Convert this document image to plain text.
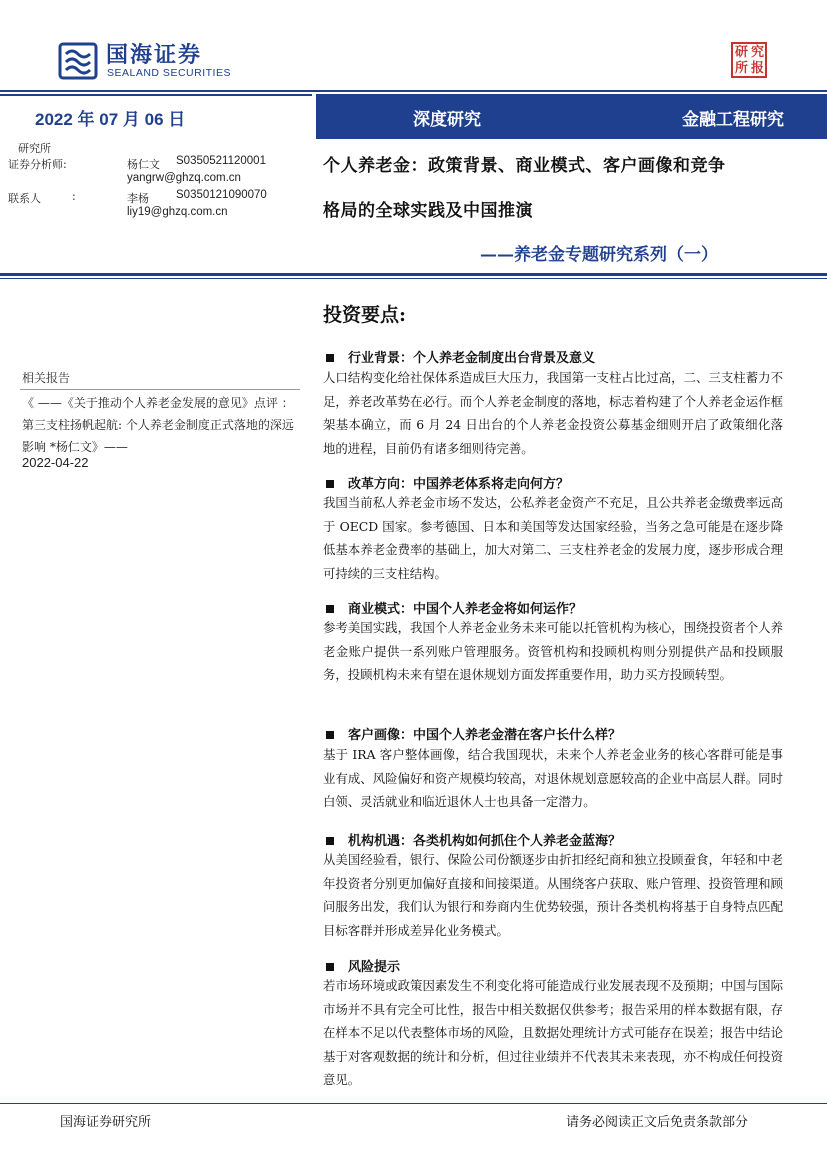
国海证券
SEALAND SECURITIES
研 究
所 报
2022 年 07 月 06 日	深度研究	金融工程研究
研究所
证券分析师:	杨仁文 S0350521120001
yangrw@ghzq.com.cn
联系人	:	李杨 S0350121090070
liy19@ghzq.com.cn
个人养老金：政策背景、商业模式、客户画像和竞争
格局的全球实践及中国推演
——养老金专题研究系列（一）
相关报告
《 ——《关于推动个人养老金发展的意见》点评 ： 第三支柱扬帆起航: 个人养老金制度正式落地的深远影响 *杨仁文》——
2022-04-22
投资要点:
行业背景：个人养老金制度出台背景及意义
人口结构变化给社保体系造成巨大压力，我国第一支柱占比过高，二、三支柱蓄力不足，养老改革势在必行。而个人养老金制度的落地，标志着构建了个人养老金运作框架基本确立，而 6 月 24 日出台的个人养老金投资公募基金细则开启了政策细化落地的进程，目前仍有诸多细则待完善。
改革方向：中国养老体系将走向何方？
我国当前私人养老金市场不发达，公私养老金资产不充足，且公共养老金缴费率远高于 OECD 国家。参考德国、日本和美国等发达国家经验，当务之急可能是在逐步降低基本养老金费率的基础上，加大对第二、三支柱养老金的发展力度，逐步形成合理可持续的三支柱结构。
商业模式：中国个人养老金将如何运作？
参考美国实践，我国个人养老金业务未来可能以托管机构为核心，围绕投资者个人养老金账户提供一系列账户管理服务。资管机构和投顾机构则分别提供产品和投顾服务，投顾机构未来有望在退休规划方面发挥重要作用，助力买方投顾转型。
客户画像：中国个人养老金潜在客户长什么样？
基于 IRA 客户整体画像，结合我国现状，未来个人养老金业务的核心客群可能是事业有成、风险偏好和资产规模均较高，对退休规划意愿较高的企业中高层人群。同时白领、灵活就业和临近退休人士也具备一定潜力。
机构机遇：各类机构如何抓住个人养老金蓝海？
从美国经验看，银行、保险公司份额逐步由折扣经纪商和独立投顾蚕食，年轻和中老年投资者分别更加偏好直接和间接渠道。从围绕客户获取、账户管理、投资管理和顾问服务出发，我们认为银行和券商内生优势较强，预计各类机构将基于自身特点匹配目标客群并形成差异化业务模式。
风险提示
若市场环境或政策因素发生不利变化将可能造成行业发展表现不及预期；中国与国际市场并不具有完全可比性，报告中相关数据仅供参考；报告采用的样本数据有限，存在样本不足以代表整体市场的风险，且数据处理统计方式可能存在误差；报告中结论基于对客观数据的统计和分析，但过往业绩并不代表其未来表现，亦不构成任何投资意见。
国海证券研究所	请务必阅读正文后免责条款部分
